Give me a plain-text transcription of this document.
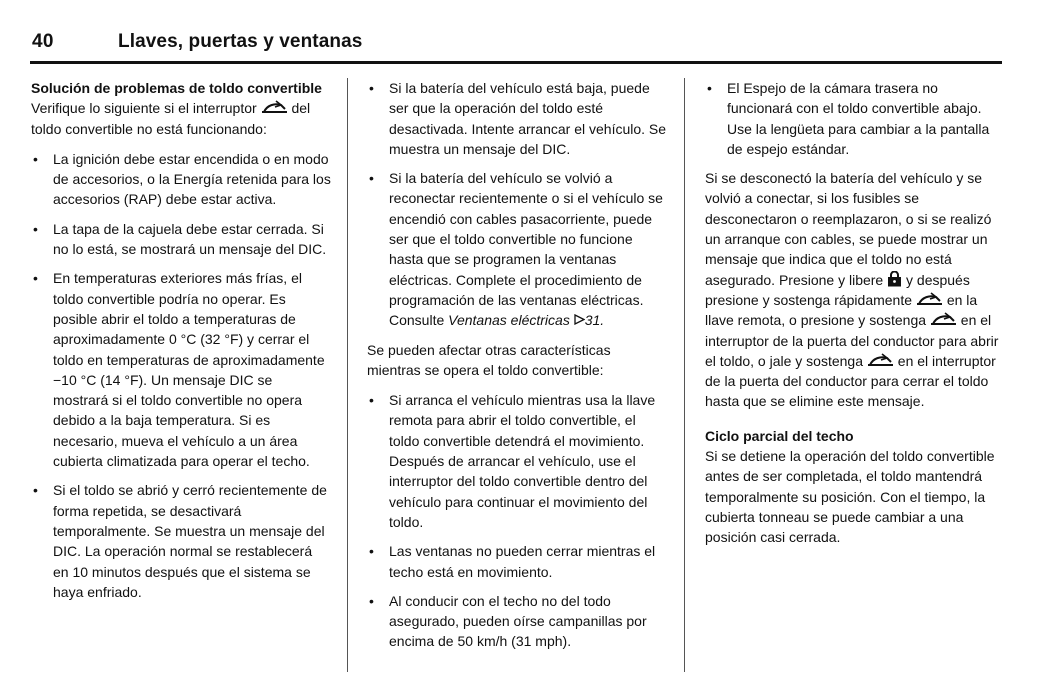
40	Llaves, puertas y ventanas

Solución de problemas de toldo convertible

Verifique lo siguiente si el interruptor del toldo convertible no está funcionando:

• La ignición debe estar encendida o en modo de accesorios, o la Energía retenida para los accesorios (RAP) debe estar activa.
• La tapa de la cajuela debe estar cerrada. Si no lo está, se mostrará un mensaje del DIC.
• En temperaturas exteriores más frías, el toldo convertible podría no operar. Es posible abrir el toldo a temperaturas de aproximadamente 0 °C (32 °F) y cerrar el toldo en temperaturas de aproximadamente −10 °C (14 °F). Un mensaje DIC se mostrará si el toldo convertible no opera debido a la baja temperatura. Si es necesario, mueva el vehículo a un área cubierta climatizada para operar el techo.
• Si el toldo se abrió y cerró recientemente de forma repetida, se desactivará temporalmente. Se muestra un mensaje del DIC. La operación normal se restablecerá en 10 minutos después que el sistema se haya enfriado.
• Si la batería del vehículo está baja, puede ser que la operación del toldo esté desactivada. Intente arrancar el vehículo. Se muestra un mensaje del DIC.
• Si la batería del vehículo se volvió a reconectar recientemente o si el vehículo se encendió con cables pasacorriente, puede ser que el toldo convertible no funcione hasta que se programen la ventanas eléctricas. Complete el procedimiento de programación de las ventanas eléctricas. Consulte Ventanas eléctricas 31.

Se pueden afectar otras características mientras se opera el toldo convertible:

• Si arranca el vehículo mientras usa la llave remota para abrir el toldo convertible, el toldo convertible detendrá el movimiento. Después de arrancar el vehículo, use el interruptor del toldo convertible dentro del vehículo para continuar el movimiento del toldo.
• Las ventanas no pueden cerrar mientras el techo está en movimiento.
• Al conducir con el techo no del todo asegurado, pueden oírse campanillas por encima de 50 km/h (31 mph).
• El Espejo de la cámara trasera no funcionará con el toldo convertible abajo. Use la lengüeta para cambiar a la pantalla de espejo estándar.

Si se desconectó la batería del vehículo y se volvió a conectar, si los fusibles se desconectaron o reemplazaron, o si se realizó un arranque con cables, se puede mostrar un mensaje que indica que el toldo no está asegurado. Presione y libere y después presione y sostenga rápidamente en la llave remota, o presione y sostenga en el interruptor de la puerta del conductor para abrir el toldo, o jale y sostenga en el interruptor de la puerta del conductor para cerrar el toldo hasta que se elimine este mensaje.

Ciclo parcial del techo

Si se detiene la operación del toldo convertible antes de ser completada, el toldo mantendrá temporalmente su posición. Con el tiempo, la cubierta tonneau se puede cambiar a una posición casi cerrada.
